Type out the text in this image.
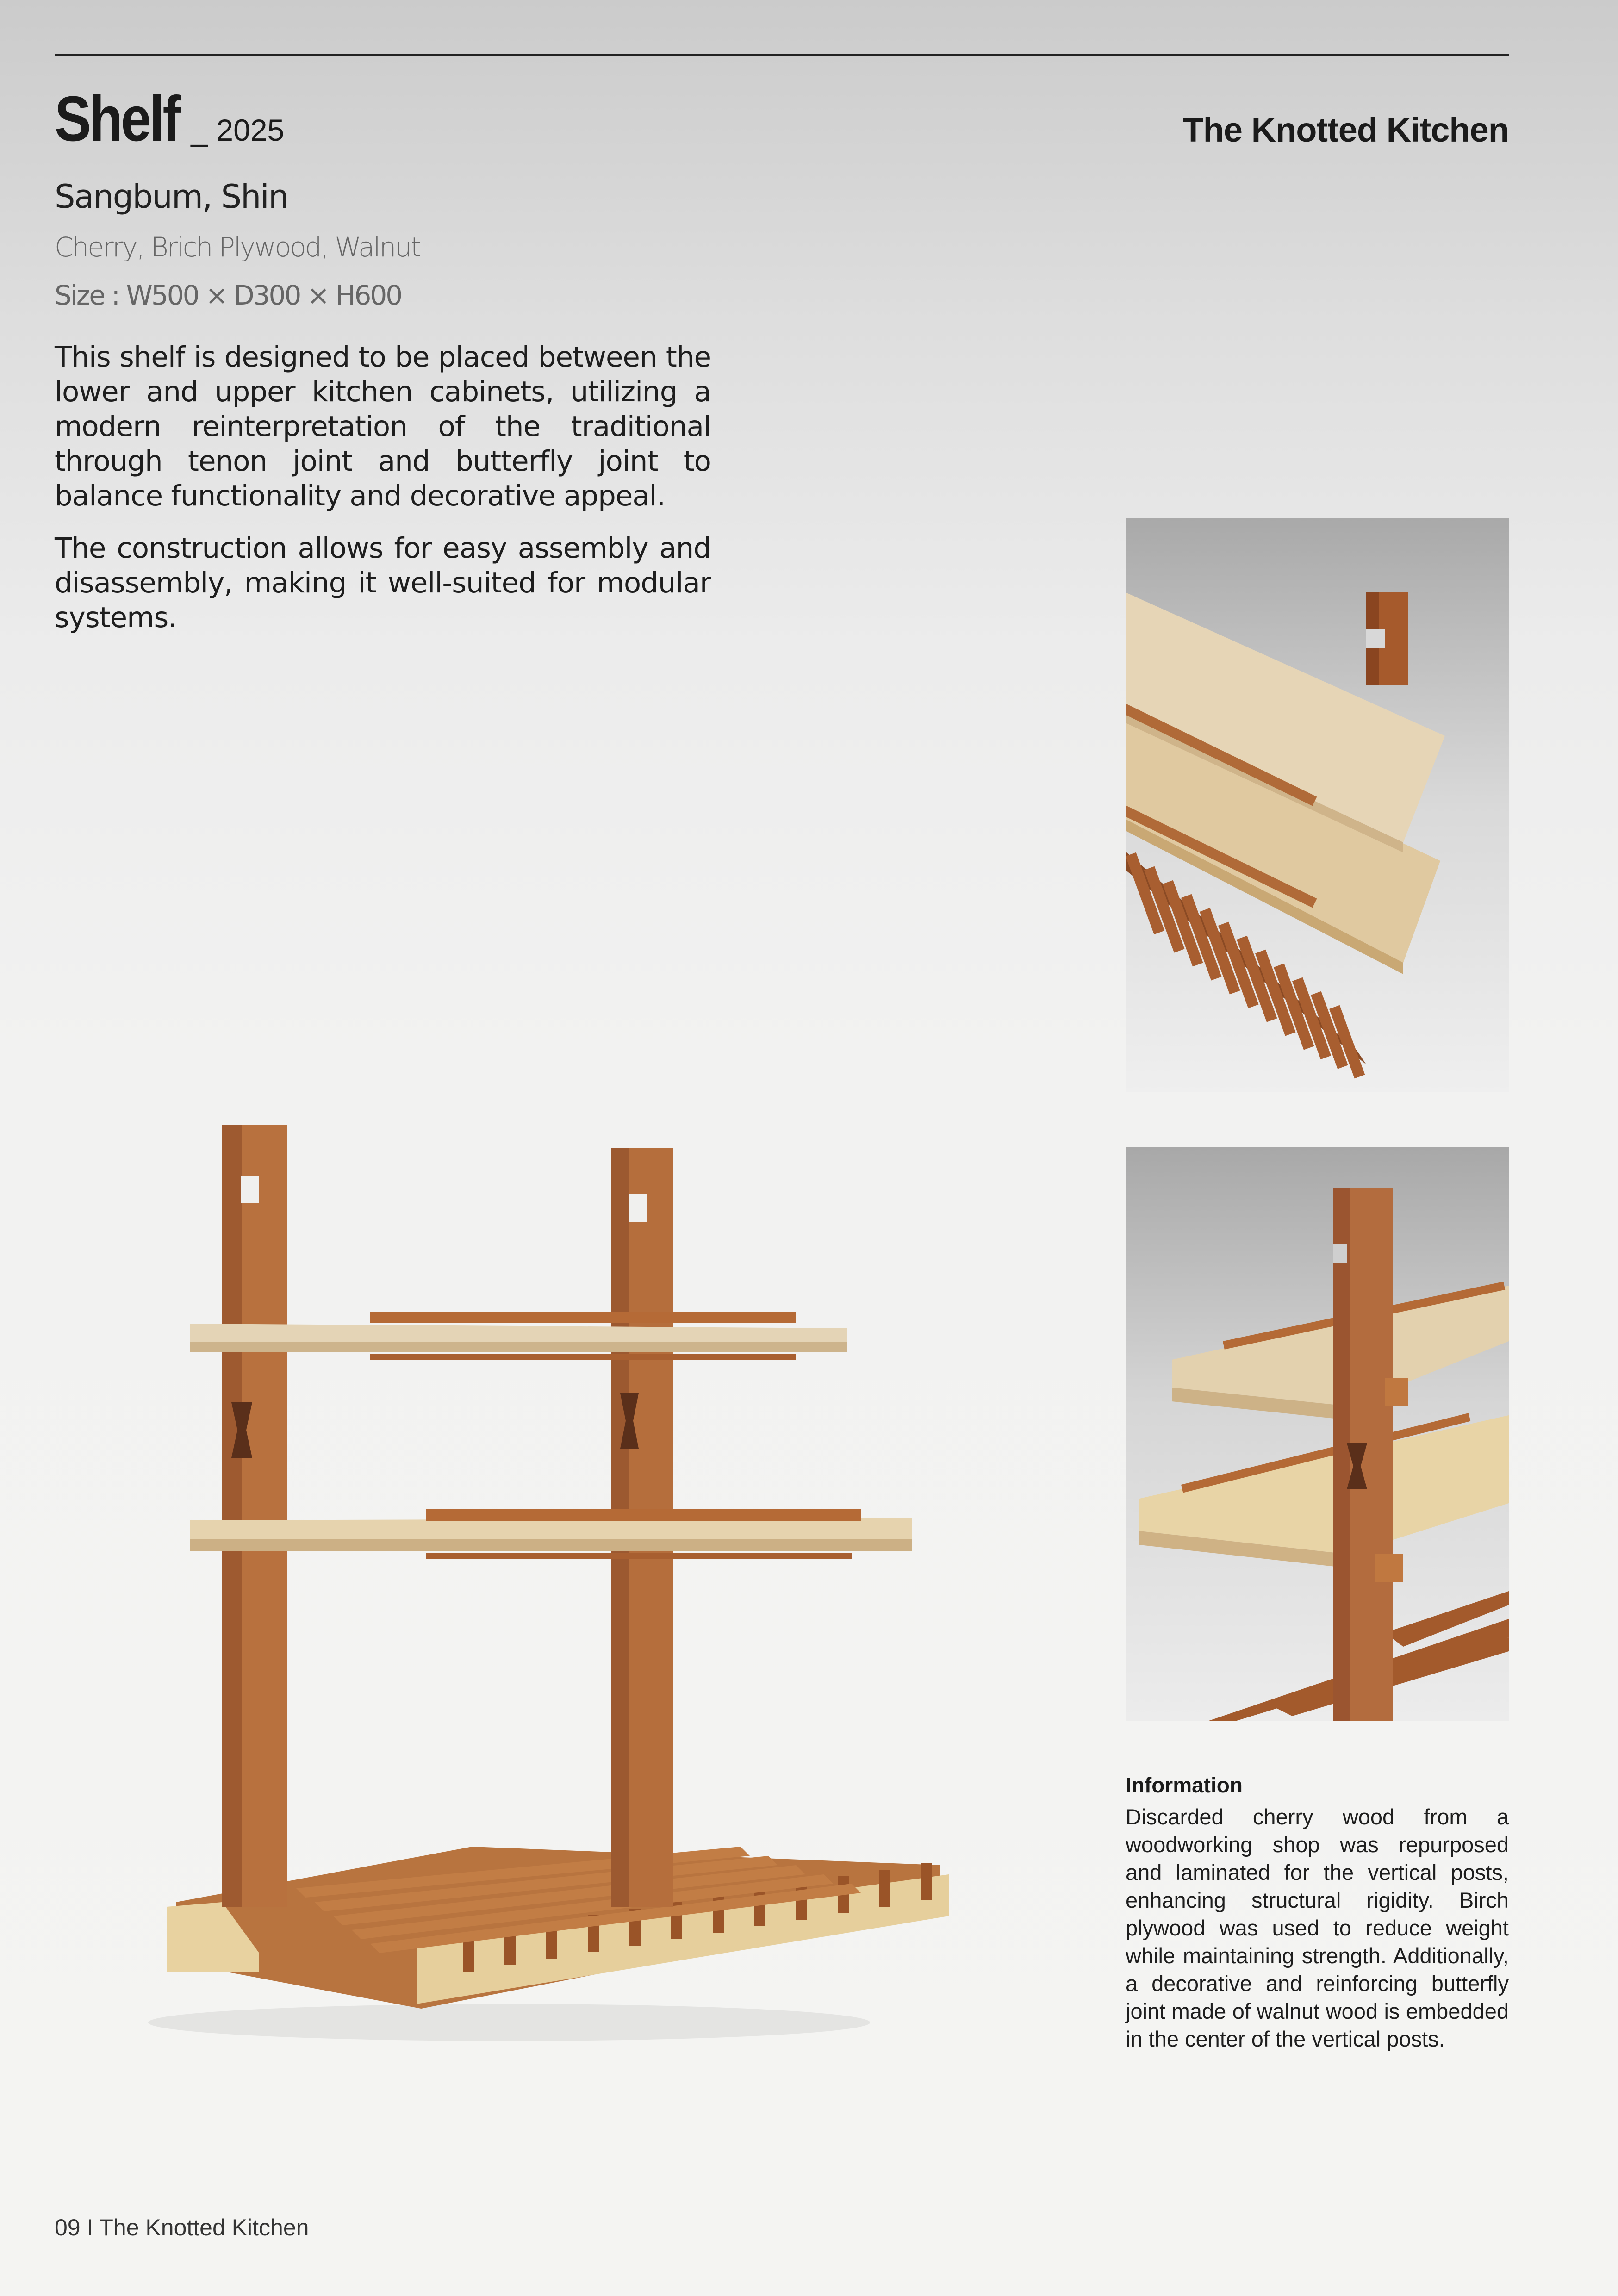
Shelf _ 2025	The Knotted Kitchen
Sangbum, Shin
Cherry, Brich Plywood, Walnut
Size : W500 × D300 × H600

This shelf is designed to be placed between the lower and upper kitchen cabinets, utilizing a modern reinterpretation of the traditional through tenon joint and butterfly joint to balance functionality and decorative appeal.

The construction allows for easy assembly and disassembly, making it well-suited for modular systems.

Information
Discarded cherry wood from a woodworking shop was repurposed and laminated for the vertical posts, enhancing structural rigidity. Birch plywood was used to reduce weight while maintaining strength. Additionally, a decorative and reinforcing butterfly joint made of walnut wood is embedded in the center of the vertical posts.
09 I The Knotted Kitchen
